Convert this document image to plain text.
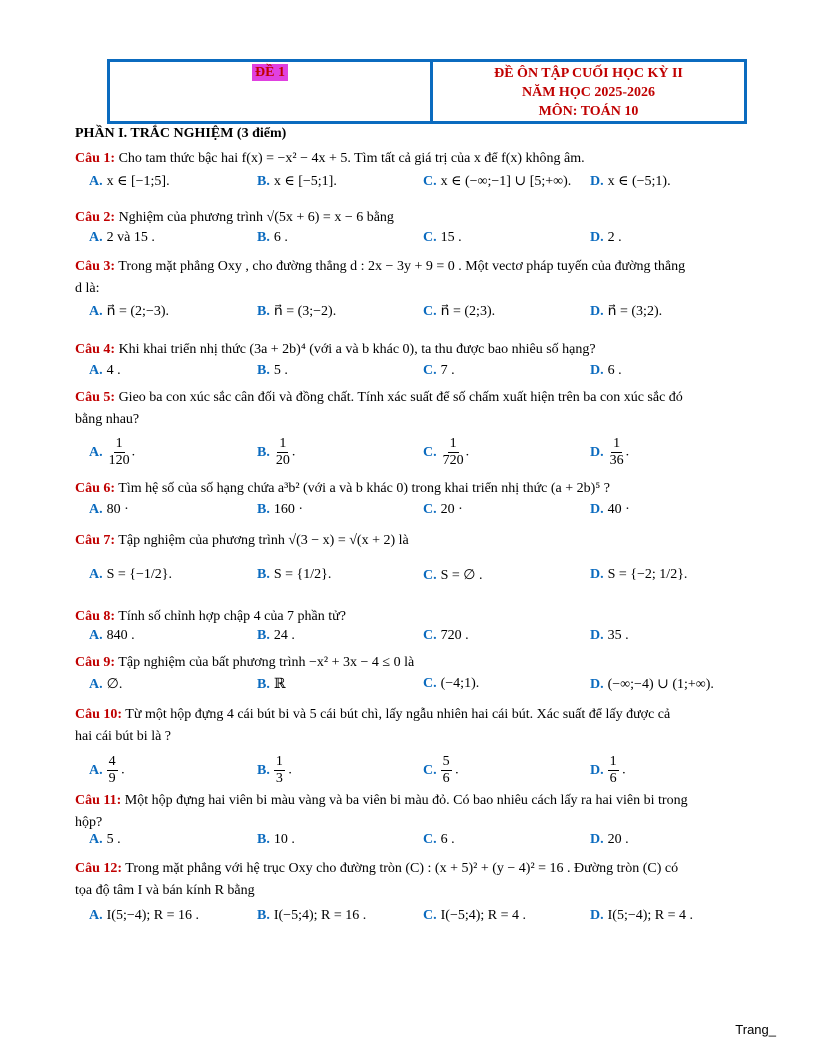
ĐỀ 1	ĐỀ ÔN TẬP CUỐI HỌC KỲ II
NĂM HỌC 2025-2026
MÔN: TOÁN 10
PHẦN I. TRẮC NGHIỆM (3 điểm)
Câu 1: Cho tam thức bậc hai f(x) = −x² − 4x + 5. Tìm tất cả giá trị của x để f(x) không âm.
A. x ∈ [−1;5].	B. x ∈ [−5;1].	C. x ∈ (−∞;−1] ∪ [5;+∞). D. x ∈ (−5;1).
Câu 2: Nghiệm của phương trình √(5x + 6) = x − 6 bằng
A. 2 và 15 .	B. 6 .	C. 15 .	D. 2 .
Câu 3: Trong mặt phẳng Oxy , cho đường thẳng d : 2x − 3y + 9 = 0 . Một vectơ pháp tuyến của đường thẳng
d là:
A. n⃗ = (2;−3).	B. n⃗ = (3;−2).	C. n⃗ = (2;3).	D. n⃗ = (3;2).
Câu 4: Khi khai triển nhị thức (3a + 2b)⁴ (với a và b khác 0), ta thu được bao nhiêu số hạng?
A. 4 .	B. 5 .	C. 7 .	D. 6 .
Câu 5: Gieo ba con xúc sắc cân đối và đồng chất. Tính xác suất để số chấm xuất hiện trên ba con xúc sắc đó
bằng nhau?
A. $\frac{1}{120}$ .	B. $\frac{1}{20}$ .	C. $\frac{1}{720}$ .	D. $\frac{1}{36}$ .
Câu 6: Tìm hệ số của số hạng chứa a³b² (với a và b khác 0) trong khai triển nhị thức (a + 2b)⁵ ?
A. 80 ·	B. 160 ·	C. 20 ·	D. 40 ·
Câu 7: Tập nghiệm của phương trình √(3 − x) = √(x + 2) là
A. S = {−1/2}.	B. S = {1/2}.	C. S = ∅ .	D. S = {−2; 1/2}.
Câu 8: Tính số chỉnh hợp chập 4 của 7 phần tử?
A. 840 .	B. 24 .	C. 720 .	D. 35 .
Câu 9: Tập nghiệm của bất phương trình −x² + 3x − 4 ≤ 0 là
A. ∅.	B. ℝ	C. (−4;1).	D. (−∞;−4) ∪ (1;+∞).
Câu 10: Từ một hộp đựng 4 cái bút bi và 5 cái bút chì, lấy ngẫu nhiên hai cái bút. Xác suất để lấy được cả
hai cái bút bi là ?
A. $\frac{4}{9}$ .	B. $\frac{1}{3}$ .	C. $\frac{5}{6}$ .	D. $\frac{1}{6}$ .
Câu 11: Một hộp đựng hai viên bi màu vàng và ba viên bi màu đỏ. Có bao nhiêu cách lấy ra hai viên bi trong
hộp?
A. 5 .	B. 10 .	C. 6 .	D. 20 .
Câu 12: Trong mặt phẳng với hệ trục Oxy cho đường tròn (C) : (x + 5)² + (y − 4)² = 16 . Đường tròn (C) có
tọa độ tâm I và bán kính R bằng
A. I(5;−4); R = 16 .	B. I(−5;4); R = 16 .	C. I(−5;4); R = 4 .	D. I(5;−4); R = 4 .
Trang_
